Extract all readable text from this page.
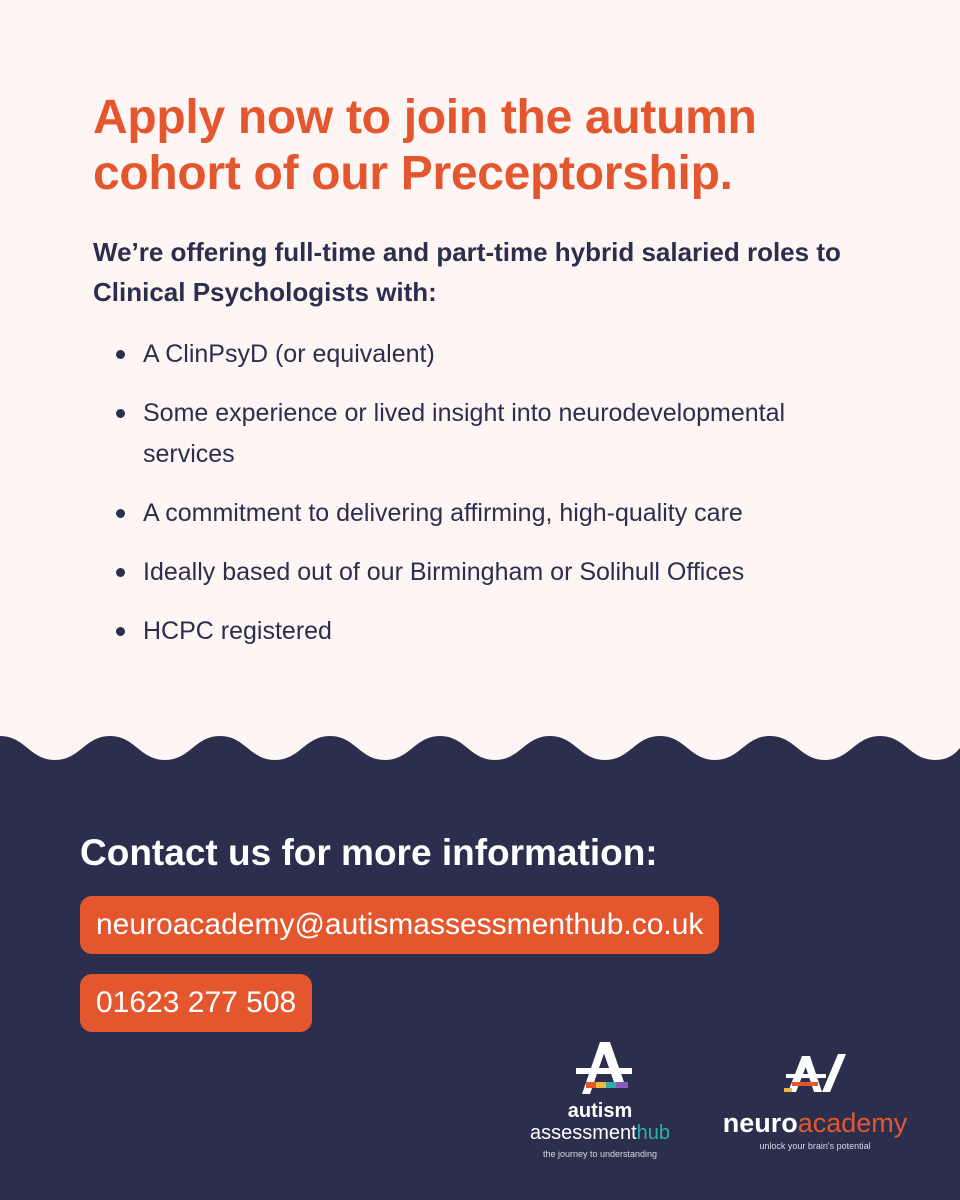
Apply now to join the autumn cohort of our Preceptorship.

We’re offering full-time and part-time hybrid salaried roles to Clinical Psychologists with:

A ClinPsyD (or equivalent)
Some experience or lived insight into neurodevelopmental services
A commitment to delivering affirming, high-quality care
Ideally based out of our Birmingham or Solihull Offices
HCPC registered
Contact us for more information:
neuroacademy@autismassessmenthub.co.uk
01623 277 508
autism
assessmenthub
the journey to understanding
neuroacademy
unlock your brain's potential
